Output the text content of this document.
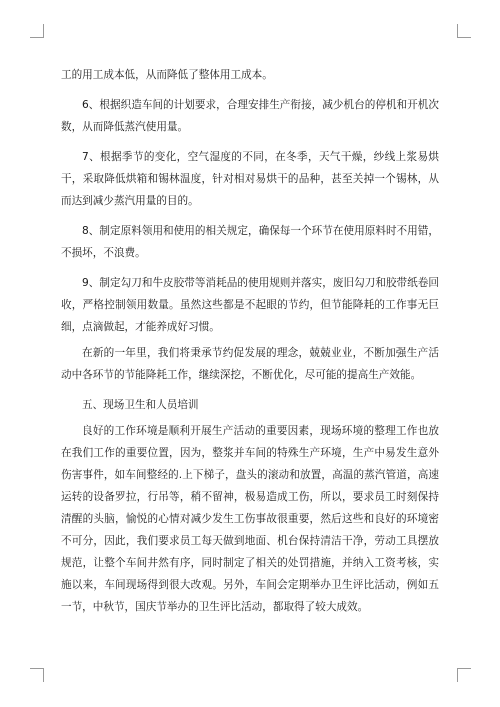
工的用工成本低，从而降低了整体用工成本。

6、根据织造车间的计划要求，合理安排生产衔接，减少机台的停机和开机次数，从而降低蒸汽使用量。

7、根据季节的变化，空气湿度的不同，在冬季，天气干燥，纱线上浆易烘干，采取降低烘箱和锡林温度，针对相对易烘干的品种，甚至关掉一个锡林，从而达到减少蒸汽用量的目的。

8、制定原料领用和使用的相关规定，确保每一个环节在使用原料时不用错，不损坏，不浪费。

9、制定勾刀和牛皮胶带等消耗品的使用规则并落实，废旧勾刀和胶带纸卷回收，严格控制领用数量。虽然这些都是不起眼的节约，但节能降耗的工作事无巨细，点滴做起，才能养成好习惯。

在新的一年里，我们将秉承节约促发展的理念，兢兢业业，不断加强生产活动中各环节的节能降耗工作，继续深挖，不断优化，尽可能的提高生产效能。

五、现场卫生和人员培训

良好的工作环境是顺利开展生产活动的重要因素，现场环境的整理工作也放在我们工作的重要位置，因为，整浆并车间的特殊生产环境，生产中易发生意外伤害事件，如车间整经的.上下梯子，盘头的滚动和放置，高温的蒸汽管道，高速运转的设备罗拉，行吊等，稍不留神，极易造成工伤，所以，要求员工时刻保持清醒的头脑，愉悦的心情对减少发生工伤事故很重要，然后这些和良好的环境密不可分，因此，我们要求员工每天做到地面、机台保持清洁干净，劳动工具摆放规范，让整个车间井然有序，同时制定了相关的处罚措施，并纳入工资考核，实施以来，车间现场得到很大改观。另外，车间会定期举办卫生评比活动，例如五一节，中秋节，国庆节举办的卫生评比活动，都取得了较大成效。
